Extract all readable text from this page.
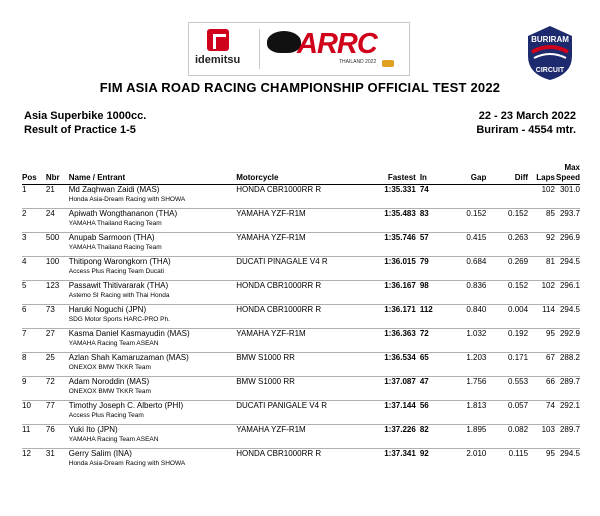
idemitsu ARRC
THAILAND 2022
BURIRAM
CIRCUIT
FIM ASIA ROAD RACING CHAMPIONSHIP OFFICIAL TEST 2022
Asia Superbike 1000cc.
Result of Practice 1-5
22 - 23 March 2022
Buriram - 4554 mtr.
Pos	Nbr	Name / Entrant	Motorcycle	Fastest	In	Gap	Diff	Laps	Max
Speed
1	21	Md Zaqhwan Zaidi (MAS)
Honda Asia-Dream Racing with SHOWA	HONDA CBR1000RR R	1:35.331	74			102	301.0
2	24	Apiwath Wongthananon (THA)
YAMAHA Thailand Racing Team	YAMAHA YZF-R1M	1:35.483	83	0.152	0.152	85	293.7
3	500	Anupab Sarmoon (THA)
YAMAHA Thailand Racing Team	YAMAHA YZF-R1M	1:35.746	57	0.415	0.263	92	296.9
4	100	Thitipong Warongkorn (THA)
Access Plus Racing Team Ducati	DUCATI PINAGALE V4 R	1:36.015	79	0.684	0.269	81	294.5
5	123	Passawit Thitivararak (THA)
Astemo SI Racing with Thai Honda	HONDA CBR1000RR R	1:36.167	98	0.836	0.152	102	296.1
6	73	Haruki Noguchi (JPN)
SDG Motor Sports HARC-PRO Ph.	HONDA CBR1000RR R	1:36.171	112	0.840	0.004	114	294.5
7	27	Kasma Daniel Kasmayudin (MAS)
YAMAHA Racing Team ASEAN	YAMAHA YZF-R1M	1:36.363	72	1.032	0.192	95	292.9
8	25	Azlan Shah Kamaruzaman (MAS)
ONEXOX BMW TKKR Team	BMW S1000 RR	1:36.534	65	1.203	0.171	67	288.2
9	72	Adam Noroddin (MAS)
ONEXOX BMW TKKR Team	BMW S1000 RR	1:37.087	47	1.756	0.553	66	289.7
10	77	Timothy Joseph C. Alberto (PHI)
Access Plus Racing Team	DUCATI PANIGALE V4 R	1:37.144	56	1.813	0.057	74	292.1
11	76	Yuki Ito (JPN)
YAMAHA Racing Team ASEAN	YAMAHA YZF-R1M	1:37.226	82	1.895	0.082	103	289.7
12	31	Gerry Salim (INA)
Honda Asia-Dream Racing with SHOWA	HONDA CBR1000RR R	1:37.341	92	2.010	0.115	95	294.5
